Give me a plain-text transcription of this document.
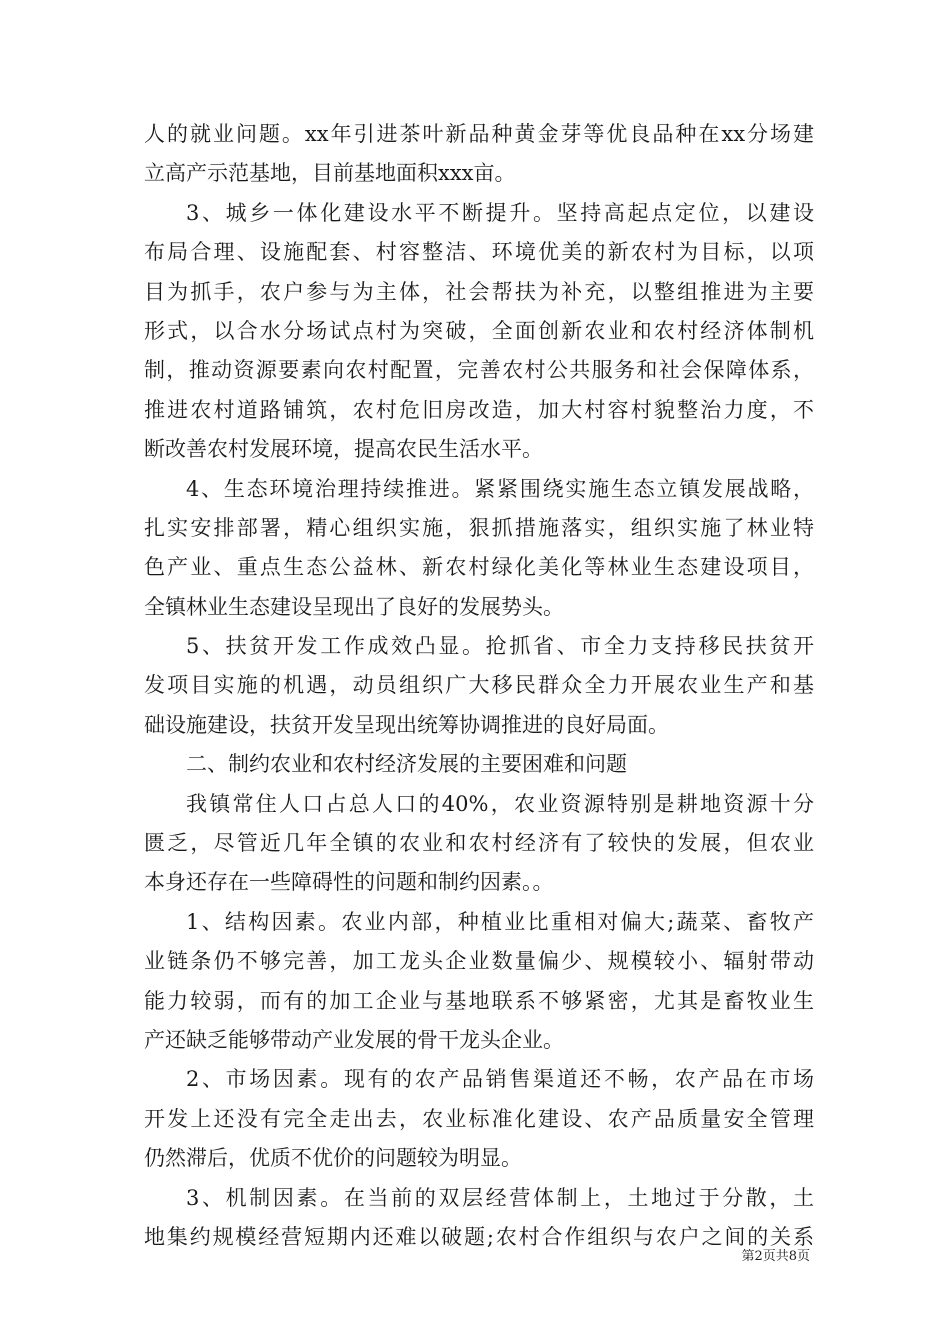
人的就业问题。xx年引进茶叶新品种黄金芽等优良品种在xx分场建
立高产示范基地，目前基地面积xxx亩。
3、城乡一体化建设水平不断提升。坚持高起点定位，以建设
布局合理、设施配套、村容整洁、环境优美的新农村为目标，以项
目为抓手，农户参与为主体，社会帮扶为补充，以整组推进为主要
形式，以合水分场试点村为突破，全面创新农业和农村经济体制机
制，推动资源要素向农村配置，完善农村公共服务和社会保障体系，
推进农村道路铺筑，农村危旧房改造，加大村容村貌整治力度，不
断改善农村发展环境，提高农民生活水平。
4、生态环境治理持续推进。紧紧围绕实施生态立镇发展战略，
扎实安排部署，精心组织实施，狠抓措施落实，组织实施了林业特
色产业、重点生态公益林、新农村绿化美化等林业生态建设项目，
全镇林业生态建设呈现出了良好的发展势头。
5、扶贫开发工作成效凸显。抢抓省、市全力支持移民扶贫开
发项目实施的机遇，动员组织广大移民群众全力开展农业生产和基
础设施建设，扶贫开发呈现出统筹协调推进的良好局面。
二、制约农业和农村经济发展的主要困难和问题
我镇常住人口占总人口的40%，农业资源特别是耕地资源十分
匮乏，尽管近几年全镇的农业和农村经济有了较快的发展，但农业
本身还存在一些障碍性的问题和制约因素。。
1、结构因素。农业内部，种植业比重相对偏大;蔬菜、畜牧产
业链条仍不够完善，加工龙头企业数量偏少、规模较小、辐射带动
能力较弱，而有的加工企业与基地联系不够紧密，尤其是畜牧业生
产还缺乏能够带动产业发展的骨干龙头企业。
2、市场因素。现有的农产品销售渠道还不畅，农产品在市场
开发上还没有完全走出去，农业标准化建设、农产品质量安全管理
仍然滞后，优质不优价的问题较为明显。
3、机制因素。在当前的双层经营体制上，土地过于分散，土
地集约规模经营短期内还难以破题;农村合作组织与农户之间的关系
第2页共8页
